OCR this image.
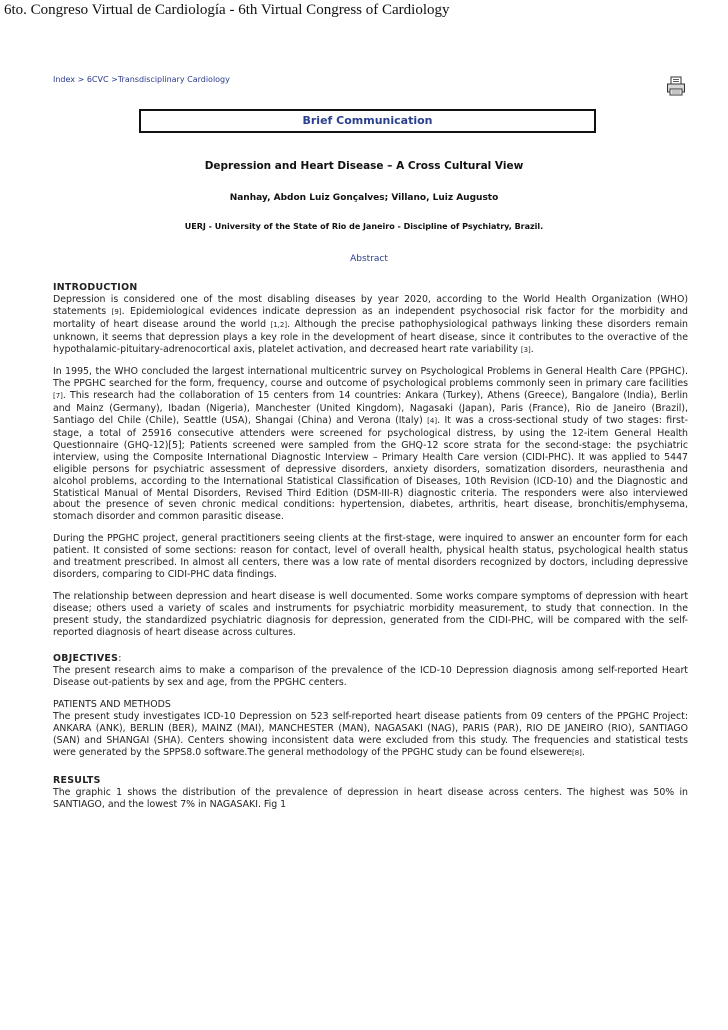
6to. Congreso Virtual de Cardiología - 6th Virtual Congress of Cardiology
Index > 6CVC >Transdisciplinary Cardiology
Brief Communication
Depression and Heart Disease – A Cross Cultural View
Nanhay, Abdon Luiz Gonçalves; Villano, Luiz Augusto
UERJ - University of the State of Rio de Janeiro - Discipline of Psychiatry, Brazil.
Abstract
INTRODUCTION

Depression is considered one of the most disabling diseases by year 2020, according to the World Health Organization (WHO) statements [9]. Epidemiological evidences indicate depression as an independent psychosocial risk factor for the morbidity and mortality of heart disease around the world [1,2]. Although the precise pathophysiological pathways linking these disorders remain unknown, it seems that depression plays a key role in the development of heart disease, since it contributes to the overactive of the hypothalamic-pituitary-adrenocortical axis, platelet activation, and decreased heart rate variability [3].

In 1995, the WHO concluded the largest international multicentric survey on Psychological Problems in General Health Care (PPGHC). The PPGHC searched for the form, frequency, course and outcome of psychological problems commonly seen in primary care facilities [7]. This research had the collaboration of 15 centers from 14 countries: Ankara (Turkey), Athens (Greece), Bangalore (India), Berlin and Mainz (Germany), Ibadan (Nigeria), Manchester (United Kingdom), Nagasaki (Japan), Paris (France), Rio de Janeiro (Brazil), Santiago del Chile (Chile), Seattle (USA), Shangai (China) and Verona (Italy) [4]. It was a cross-sectional study of two stages: first-stage, a total of 25916 consecutive attenders were screened for psychological distress, by using the 12-item General Health Questionnaire (GHQ-12)[5]; Patients screened were sampled from the GHQ-12 score strata for the second-stage: the psychiatric interview, using the Composite International Diagnostic Interview – Primary Health Care version (CIDI-PHC). It was applied to 5447 eligible persons for psychiatric assessment of depressive disorders, anxiety disorders, somatization disorders, neurasthenia and alcohol problems, according to the International Statistical Classification of Diseases, 10th Revision (ICD-10) and the Diagnostic and Statistical Manual of Mental Disorders, Revised Third Edition (DSM-III-R) diagnostic criteria. The responders were also interviewed about the presence of seven chronic medical conditions: hypertension, diabetes, arthritis, heart disease, bronchitis/emphysema, stomach disorder and common parasitic disease.

During the PPGHC project, general practitioners seeing clients at the first-stage, were inquired to answer an encounter form for each patient. It consisted of some sections: reason for contact, level of overall health, physical health status, psychological health status and treatment prescribed. In almost all centers, there was a low rate of mental disorders recognized by doctors, including depressive disorders, comparing to CIDI-PHC data findings.

The relationship between depression and heart disease is well documented. Some works compare symptoms of depression with heart disease; others used a variety of scales and instruments for psychiatric morbidity measurement, to study that connection. In the present study, the standardized psychiatric diagnosis for depression, generated from the CIDI-PHC, will be compared with the self-reported diagnosis of heart disease across cultures.

OBJECTIVES:

The present research aims to make a comparison of the prevalence of the ICD-10 Depression diagnosis among self-reported Heart Disease out-patients by sex and age, from the PPGHC centers.

PATIENTS AND METHODS

The present study investigates ICD-10 Depression on 523 self-reported heart disease patients from 09 centers of the PPGHC Project: ANKARA (ANK), BERLIN (BER), MAINZ (MAI), MANCHESTER (MAN), NAGASAKI (NAG), PARIS (PAR), RIO DE JANEIRO (RIO), SANTIAGO (SAN) and SHANGAI (SHA). Centers showing inconsistent data were excluded from this study. The frequencies and statistical tests were generated by the SPPS8.0 software.The general methodology of the PPGHC study can be found elsewere[8].

RESULTS

The graphic 1 shows the distribution of the prevalence of depression in heart disease across centers. The highest was 50% in SANTIAGO, and the lowest 7% in NAGASAKI. Fig 1
